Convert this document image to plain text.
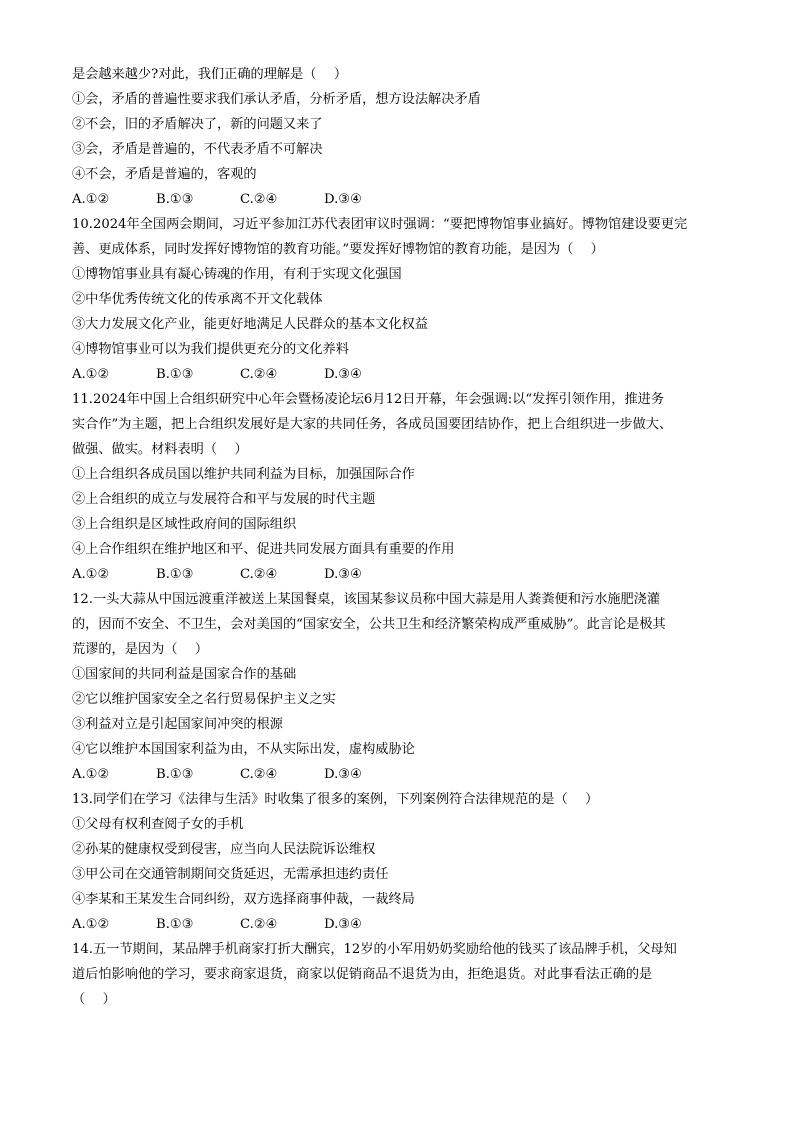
是会越来越少?对此，我们正确的理解是（　 ）
①会，矛盾的普遍性要求我们承认矛盾，分析矛盾，想方设法解决矛盾
②不会，旧的矛盾解决了，新的问题又来了
③会，矛盾是普遍的，不代表矛盾不可解决
④不会，矛盾是普遍的，客观的
A.①②	B.①③	C.②④	D.③④
10.2024年全国两会期间，习近平参加江苏代表团审议时强调：“要把博物馆事业搞好。博物馆建设要更完
善、更成体系，同时发挥好博物馆的教育功能。”要发挥好博物馆的教育功能，是因为（　 ）
①博物馆事业具有凝心铸魂的作用，有利于实现文化强国
②中华优秀传统文化的传承离不开文化载体
③大力发展文化产业，能更好地满足人民群众的基本文化权益
④博物馆事业可以为我们提供更充分的文化养料
A.①②	B.①③	C.②④	D.③④
11.2024年中国上合组织研究中心年会暨杨凌论坛6月12日开幕，年会强调:以“发挥引领作用，推进务
实合作”为主题，把上合组织发展好是大家的共同任务，各成员国要团结协作，把上合组织进一步做大、
做强、做实。材料表明（　 ）
①上合组织各成员国以维护共同利益为目标，加强国际合作
②上合组织的成立与发展符合和平与发展的时代主题
③上合组织是区域性政府间的国际组织
④上合作组织在维护地区和平、促进共同发展方面具有重要的作用
A.①②	B.①③	C.②④	D.③④
12.一头大蒜从中国远渡重洋被送上某国餐桌，该国某参议员称中国大蒜是用人粪粪便和污水施肥浇灌
的，因而不安全、不卫生，会对美国的“国家安全，公共卫生和经济繁荣构成严重威胁”。此言论是极其
荒谬的，是因为（　 ）
①国家间的共同利益是国家合作的基础
②它以维护国家安全之名行贸易保护主义之实
③利益对立是引起国家间冲突的根源
④它以维护本国国家利益为由，不从实际出发，虚构威胁论
A.①②	B.①③	C.②④	D.③④
13.同学们在学习《法律与生活》时收集了很多的案例，下列案例符合法律规范的是（　 ）
①父母有权利查阅子女的手机
②孙某的健康权受到侵害，应当向人民法院诉讼维权
③甲公司在交通管制期间交货延迟，无需承担违约责任
④李某和王某发生合同纠纷，双方选择商事仲裁，一裁终局
A.①②	B.①③	C.②④	D.③④
14.五一节期间，某品牌手机商家打折大酬宾，12岁的小军用奶奶奖励给他的钱买了该品牌手机，父母知
道后怕影响他的学习，要求商家退货，商家以促销商品不退货为由，拒绝退货。对此事看法正确的是
（　 ）
